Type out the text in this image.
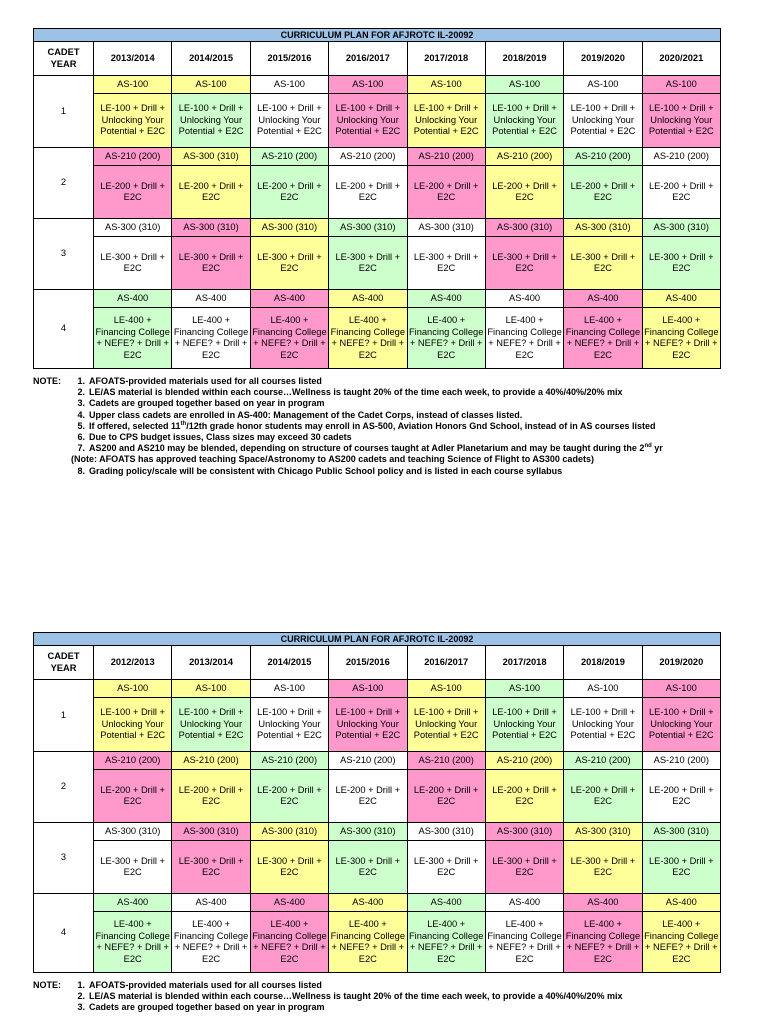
CURRICULUM PLAN FOR AFJROTC IL-20092								
CADET YEAR	2013/2014	2014/2015	2015/2016	2016/2017	2017/2018	2018/2019	2019/2020	2020/2021
1	AS-100	AS-100	AS-100	AS-100	AS-100	AS-100	AS-100	AS-100
	LE-100 + Drill + Unlocking Your Potential + E2C	LE-100 + Drill + Unlocking Your Potential + E2C	LE-100 + Drill + Unlocking Your Potential + E2C	LE-100 + Drill + Unlocking Your Potential + E2C	LE-100 + Drill + Unlocking Your Potential + E2C	LE-100 + Drill + Unlocking Your Potential + E2C	LE-100 + Drill + Unlocking Your Potential + E2C	LE-100 + Drill + Unlocking Your Potential + E2C
2	AS-210 (200)	AS-300 (310)	AS-210 (200)	AS-210 (200)	AS-210 (200)	AS-210 (200)	AS-210 (200)	AS-210 (200)
	LE-200 + Drill + E2C	LE-200 + Drill + E2C	LE-200 + Drill + E2C	LE-200 + Drill + E2C	LE-200 + Drill + E2C	LE-200 + Drill + E2C	LE-200 + Drill + E2C	LE-200 + Drill + E2C
3	AS-300 (310)	AS-300 (310)	AS-300 (310)	AS-300 (310)	AS-300 (310)	AS-300 (310)	AS-300 (310)	AS-300 (310)
	LE-300 + Drill + E2C	LE-300 + Drill + E2C	LE-300 + Drill + E2C	LE-300 + Drill + E2C	LE-300 + Drill + E2C	LE-300 + Drill + E2C	LE-300 + Drill + E2C	LE-300 + Drill + E2C
4	AS-400	AS-400	AS-400	AS-400	AS-400	AS-400	AS-400	AS-400
	LE-400 + Financing College + NEFE? + Drill + E2C	LE-400 + Financing College + NEFE? + Drill + E2C	LE-400 + Financing College + NEFE? + Drill + E2C	LE-400 + Financing College + NEFE? + Drill + E2C	LE-400 + Financing College + NEFE? + Drill + E2C	LE-400 + Financing College + NEFE? + Drill + E2C	LE-400 + Financing College + NEFE? + Drill + E2C	LE-400 + Financing College + NEFE? + Drill + E2C
NOTE:	1. AFOATS-provided materials used for all courses listed
2. LE/AS material is blended within each course…Wellness is taught 20% of the time each week, to provide a 40%/40%/20% mix
3. Cadets are grouped together based on year in program
4. Upper class cadets are enrolled in AS-400: Management of the Cadet Corps, instead of classes listed.
5. If offered, selected 11th/12th grade honor students may enroll in AS-500, Aviation Honors Gnd School, instead of in AS courses listed
6. Due to CPS budget issues, Class sizes may exceed 30 cadets
7. AS200 and AS210 may be blended, depending on structure of courses taught at Adler Planetarium and may be taught during the 2nd yr
(Note: AFOATS has approved teaching Space/Astronomy to AS200 cadets and teaching Science of Flight to AS300 cadets)
8. Grading policy/scale will be consistent with Chicago Public School policy and is listed in each course syllabus
CURRICULUM PLAN FOR AFJROTC IL-20092								
CADET YEAR	2012/2013	2013/2014	2014/2015	2015/2016	2016/2017	2017/2018	2018/2019	2019/2020
1	AS-100	AS-100	AS-100	AS-100	AS-100	AS-100	AS-100	AS-100
	LE-100 + Drill + Unlocking Your Potential + E2C	LE-100 + Drill + Unlocking Your Potential + E2C	LE-100 + Drill + Unlocking Your Potential + E2C	LE-100 + Drill + Unlocking Your Potential + E2C	LE-100 + Drill + Unlocking Your Potential + E2C	LE-100 + Drill + Unlocking Your Potential + E2C	LE-100 + Drill + Unlocking Your Potential + E2C	LE-100 + Drill + Unlocking Your Potential + E2C
2	AS-210 (200)	AS-210 (200)	AS-210 (200)	AS-210 (200)	AS-210 (200)	AS-210 (200)	AS-210 (200)	AS-210 (200)
	LE-200 + Drill + E2C	LE-200 + Drill + E2C	LE-200 + Drill + E2C	LE-200 + Drill + E2C	LE-200 + Drill + E2C	LE-200 + Drill + E2C	LE-200 + Drill + E2C	LE-200 + Drill + E2C
3	AS-300 (310)	AS-300 (310)	AS-300 (310)	AS-300 (310)	AS-300 (310)	AS-300 (310)	AS-300 (310)	AS-300 (310)
	LE-300 + Drill + E2C	LE-300 + Drill + E2C	LE-300 + Drill + E2C	LE-300 + Drill + E2C	LE-300 + Drill + E2C	LE-300 + Drill + E2C	LE-300 + Drill + E2C	LE-300 + Drill + E2C
4	AS-400	AS-400	AS-400	AS-400	AS-400	AS-400	AS-400	AS-400
	LE-400 + Financing College + NEFE? + Drill + E2C	LE-400 + Financing College + NEFE? + Drill + E2C	LE-400 + Financing College + NEFE? + Drill + E2C	LE-400 + Financing College + NEFE? + Drill + E2C	LE-400 + Financing College + NEFE? + Drill + E2C	LE-400 + Financing College + NEFE? + Drill + E2C	LE-400 + Financing College + NEFE? + Drill + E2C	LE-400 + Financing College + NEFE? + Drill + E2C
NOTE:	1. AFOATS-provided materials used for all courses listed
2. LE/AS material is blended within each course…Wellness is taught 20% of the time each week, to provide a 40%/40%/20% mix
3. Cadets are grouped together based on year in program
